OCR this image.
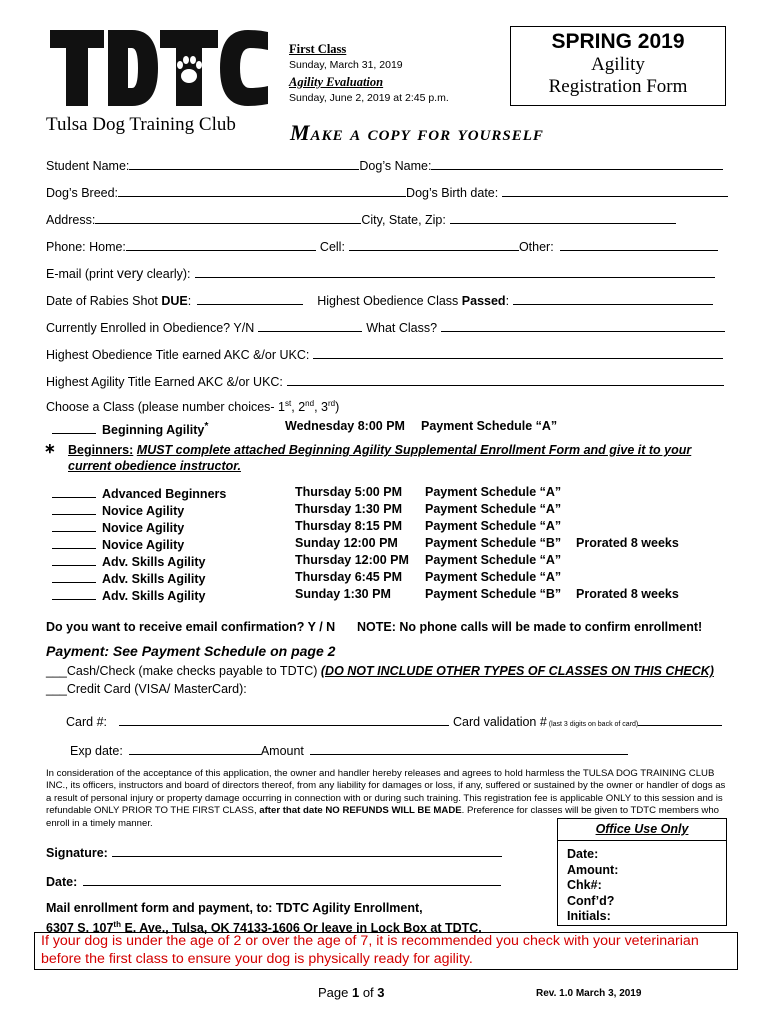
Tulsa Dog Training Club
First Class
Sunday, March 31, 2019
Agility Evaluation
Sunday, June 2, 2019 at 2:45 p.m.
SPRING 2019
Agility
Registration Form
Make a copy for yourself
Student Name:	Dog’s Name:
Dog’s Breed:	Dog’s Birth date:
Address:	City, State, Zip:
Phone: Home:	Cell:	Other:
E-mail (print very clearly):
Date of Rabies Shot DUE:	Highest Obedience Class Passed:
Currently Enrolled in Obedience? Y/N	What Class?
Highest Obedience Title earned AKC &/or UKC:
Highest Agility Title Earned AKC &/or UKC:
Choose a Class (please number choices- 1st, 2nd, 3rd)
Beginning Agility*	Wednesday 8:00 PM Payment Schedule “A”
∗ Beginners: MUST complete attached Beginning Agility Supplemental Enrollment Form and give it to your
current obedience instructor.
Advanced Beginners	Thursday 5:00 PM Payment Schedule “A”
Novice Agility	Thursday 1:30 PM Payment Schedule “A”
Novice Agility	Thursday 8:15 PM Payment Schedule “A”
Novice Agility	Sunday 12:00 PM Payment Schedule “B” Prorated 8 weeks
Adv. Skills Agility	Thursday 12:00 PM Payment Schedule “A”
Adv. Skills Agility	Thursday 6:45 PM Payment Schedule “A”
Adv. Skills Agility	Sunday 1:30 PM	Payment Schedule “B” Prorated 8 weeks
Do you want to receive email confirmation? Y / N NOTE: No phone calls will be made to confirm enrollment!
Payment: See Payment Schedule on page 2
___Cash/Check (make checks payable to TDTC) (DO NOT INCLUDE OTHER TYPES OF CLASSES ON THIS CHECK)
___Credit Card (VISA/ MasterCard):
Card #:	Card validation # (last 3 digits on back of card)
Exp date:	Amount
In consideration of the acceptance of this application, the owner and handler hereby releases and agrees to hold harmless the TULSA DOG TRAINING CLUB INC., its officers, instructors and board of directors thereof, from any liability for damages or loss, if any, suffered or sustained by the owner or handler of dogs as a result of personal injury or property damage occurring in connection with or during such training. This registration fee is applicable ONLY to this session and is refundable ONLY PRIOR TO THE FIRST CLASS, after that date NO REFUNDS WILL BE MADE. Preference for classes will be given to TDTC members who enroll in a timely manner.	Office Use Only
Date:
Amount:
Chk#:
Conf’d?
Initials:
Signature:
Date:
Mail enrollment form and payment, to: TDTC Agility Enrollment,
6307 S. 107th E. Ave., Tulsa, OK 74133-1606 Or leave in Lock Box at TDTC.
If your dog is under the age of 2 or over the age of 7, it is recommended you check with your veterinarian before the first class to ensure your dog is physically ready for agility.
Page 1 of 3	Rev. 1.0 March 3, 2019
